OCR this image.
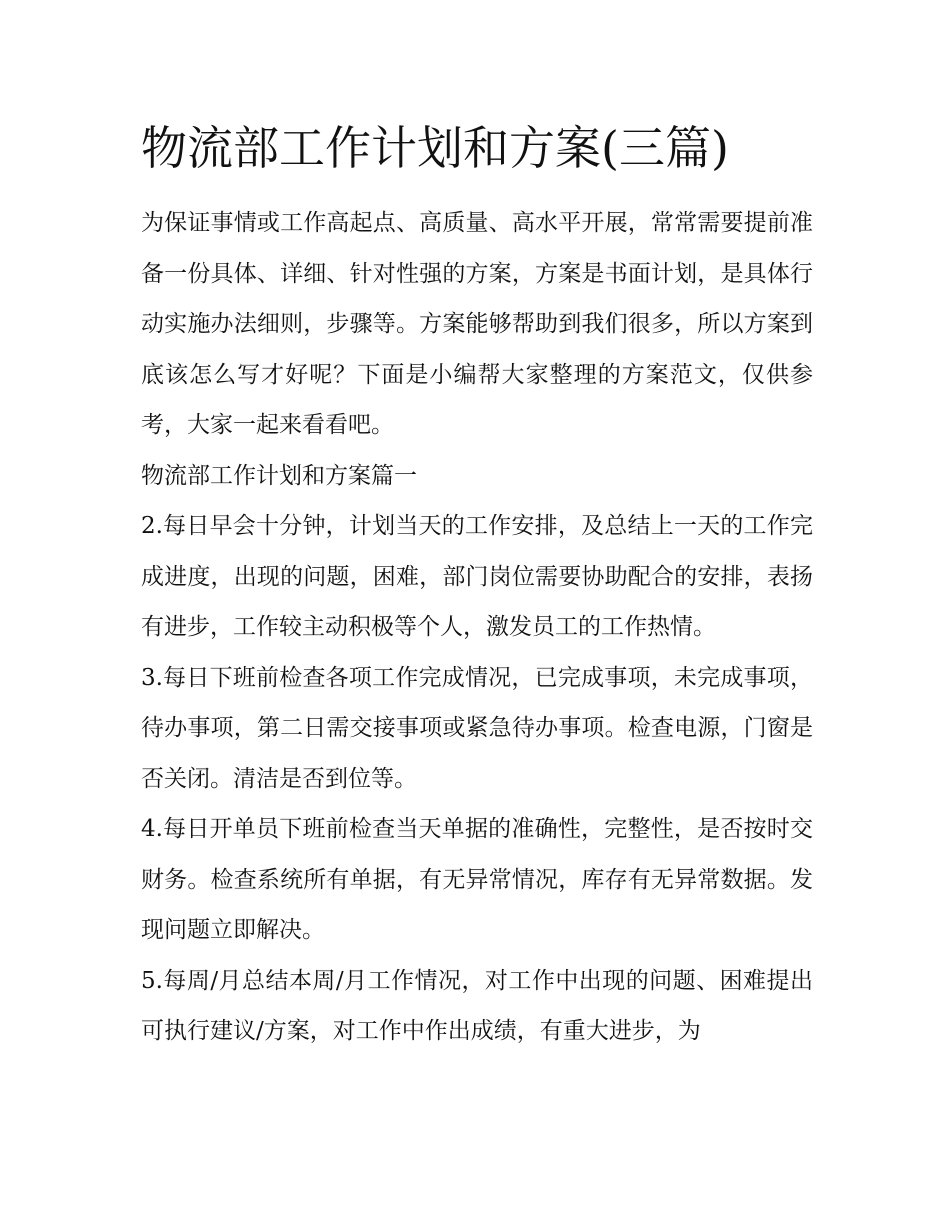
物流部工作计划和方案(三篇)

为保证事情或工作高起点、高质量、高水平开展，常常需要提前准备一份具体、详细、针对性强的方案，方案是书面计划，是具体行动实施办法细则，步骤等。方案能够帮助到我们很多，所以方案到底该怎么写才好呢？下面是小编帮大家整理的方案范文，仅供参考，大家一起来看看吧。

物流部工作计划和方案篇一

2.每日早会十分钟，计划当天的工作安排，及总结上一天的工作完成进度，出现的问题，困难，部门岗位需要协助配合的安排，表扬有进步，工作较主动积极等个人，激发员工的工作热情。

3.每日下班前检查各项工作完成情况，已完成事项，未完成事项，待办事项，第二日需交接事项或紧急待办事项。检查电源，门窗是否关闭。清洁是否到位等。

4.每日开单员下班前检查当天单据的准确性，完整性，是否按时交财务。检查系统所有单据，有无异常情况，库存有无异常数据。发现问题立即解决。

5.每周/月总结本周/月工作情况，对工作中出现的问题、困难提出可执行建议/方案，对工作中作出成绩，有重大进步，为
